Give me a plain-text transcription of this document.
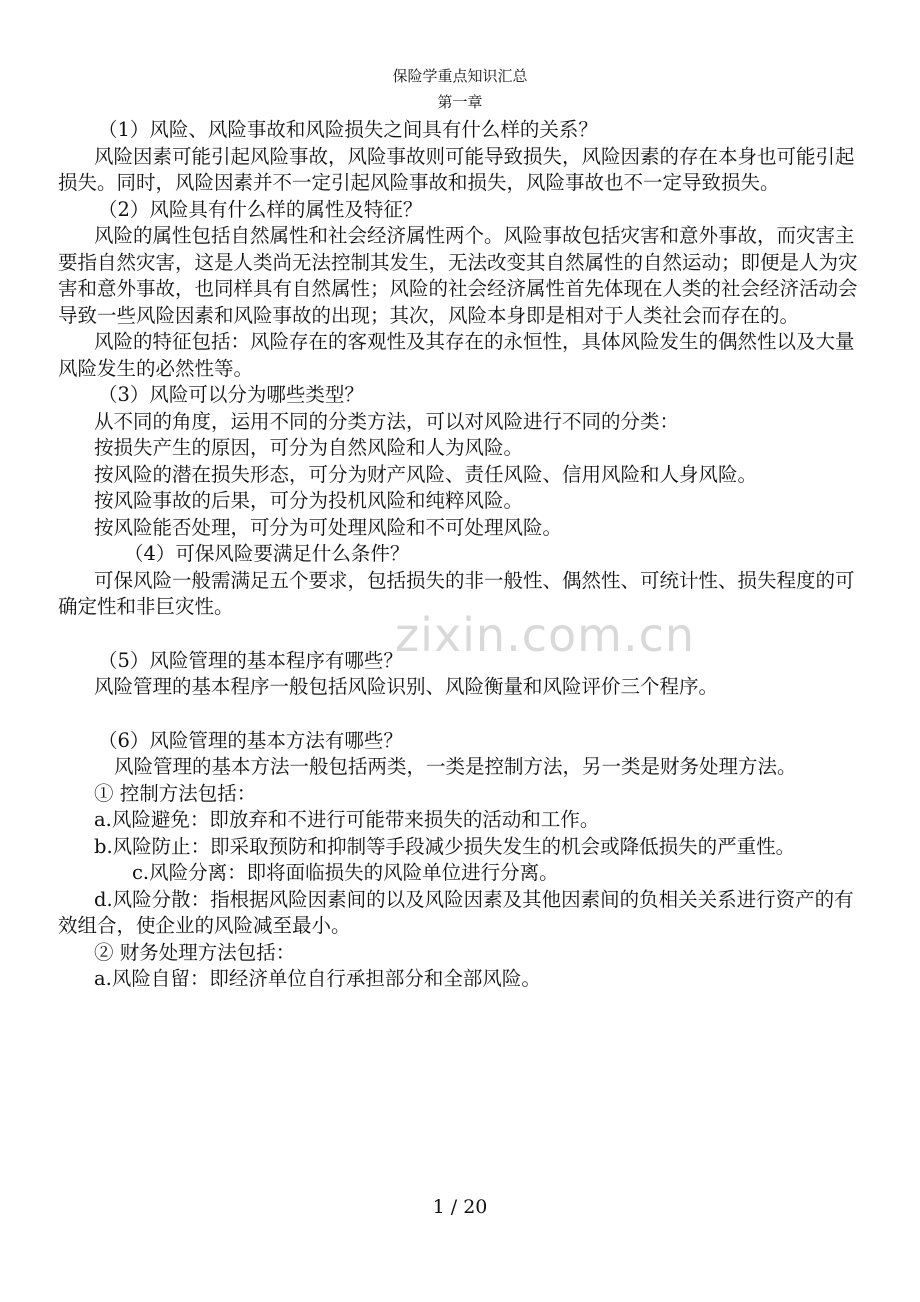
保险学重点知识汇总
第一章

（1）风险、风险事故和风险损失之间具有什么样的关系？

风险因素可能引起风险事故，风险事故则可能导致损失，风险因素的存在本身也可能引起损失。同时，风险因素并不一定引起风险事故和损失，风险事故也不一定导致损失。

（2）风险具有什么样的属性及特征？

风险的属性包括自然属性和社会经济属性两个。风险事故包括灾害和意外事故，而灾害主要指自然灾害，这是人类尚无法控制其发生，无法改变其自然属性的自然运动；即便是人为灾害和意外事故，也同样具有自然属性；风险的社会经济属性首先体现在人类的社会经济活动会导致一些风险因素和风险事故的出现；其次，风险本身即是相对于人类社会而存在的。

风险的特征包括：风险存在的客观性及其存在的永恒性，具体风险发生的偶然性以及大量风险发生的必然性等。

（3）风险可以分为哪些类型？

从不同的角度，运用不同的分类方法，可以对风险进行不同的分类：

按损失产生的原因，可分为自然风险和人为风险。

按风险的潜在损失形态，可分为财产风险、责任风险、信用风险和人身风险。

按风险事故的后果，可分为投机风险和纯粹风险。

按风险能否处理，可分为可处理风险和不可处理风险。

（4）可保风险要满足什么条件？

可保风险一般需满足五个要求，包括损失的非一般性、偶然性、可统计性、损失程度的可确定性和非巨灾性。

（5）风险管理的基本程序有哪些？

风险管理的基本程序一般包括风险识别、风险衡量和风险评价三个程序。

（6）风险管理的基本方法有哪些？

风险管理的基本方法一般包括两类，一类是控制方法，另一类是财务处理方法。

① 控制方法包括：

a.风险避免：即放弃和不进行可能带来损失的活动和工作。

b.风险防止：即采取预防和抑制等手段减少损失发生的机会或降低损失的严重性。

c.风险分离：即将面临损失的风险单位进行分离。

d.风险分散：指根据风险因素间的以及风险因素及其他因素间的负相关关系进行资产的有效组合，使企业的风险减至最小。

② 财务处理方法包括：

a.风险自留：即经济单位自行承担部分和全部风险。

zixin.com.cn
1 / 20
